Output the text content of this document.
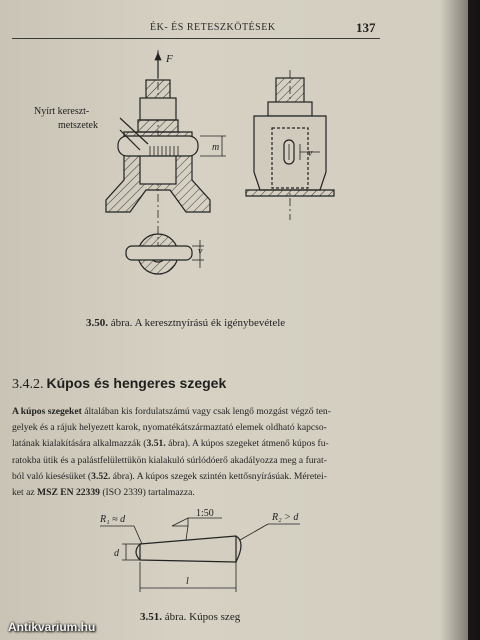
ÉK- ÉS RETESZKÖTÉSEK	137
F
Nyírt kereszt-
metszetek
m
v
v
3.50. ábra. A keresztnyírású ék igénybevétele
3.4.2. Kúpos és hengeres szegek
A kúpos szegeket általában kis fordulatszámú vagy csak lengő mozgást végző ten-
gelyek és a rájuk helyezett karok, nyomatékátszármaztató elemek oldható kapcso-
latának kialakítására alkalmazzák (3.51. ábra). A kúpos szegeket átmenő kúpos fu-
ratokba ütik és a palástfelülettükön kialakuló súrlódóerő akadályozza meg a furat-
ból való kiesésüket (3.52. ábra). A kúpos szegek szintén kettősnyírásúak. Méretei-
ket az MSZ EN 22339 (ISO 2339) tartalmazza.
R₁ ≈ d	R₂ > d
1:50
d
l
3.51. ábra. Kúpos szeg
Antikvarium.hu
